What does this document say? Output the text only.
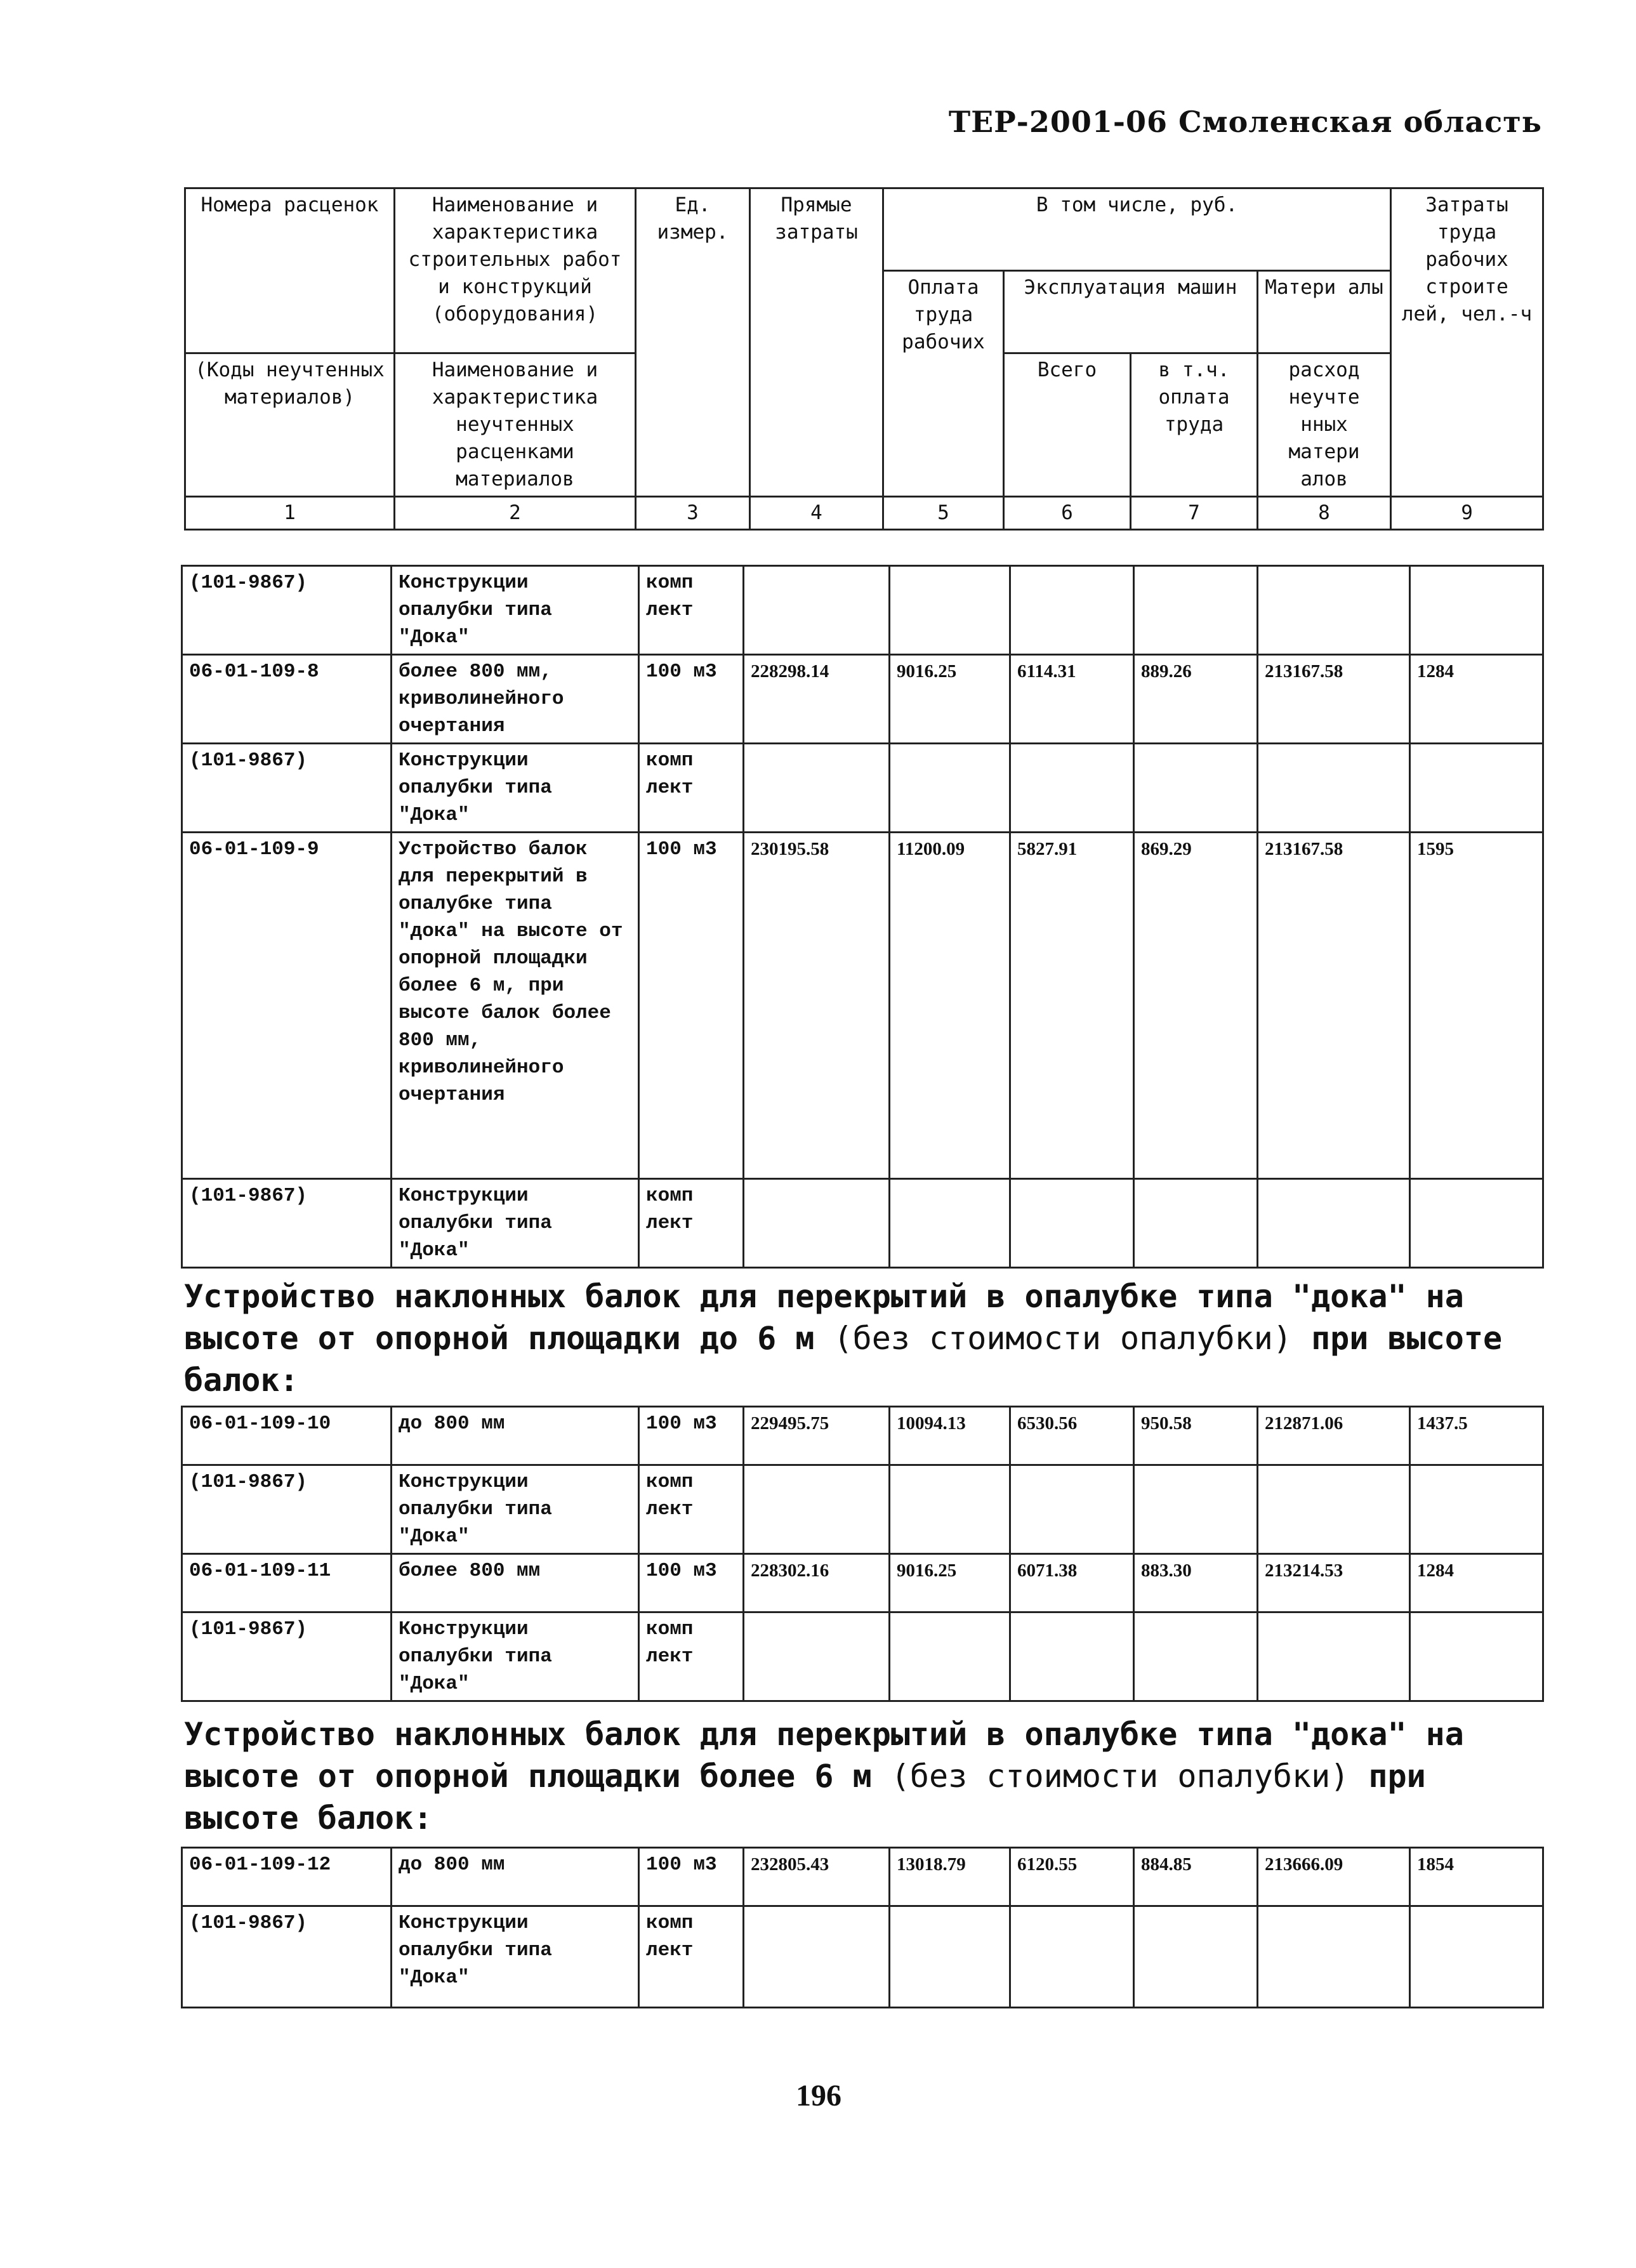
ТЕР-2001-06 Смоленская область
Номера расценок	Наименование и характеристика строительных работ и конструкций (оборудования)	Ед. измер.	Прямые затраты	В том числе, руб.				Затраты труда рабочих строите лей, чел.-ч
				Оплата труда рабочих	Эксплуатация машин		Матери алы	
(Коды неучтенных материалов)	Наименование и характеристика неучтенных расценками материалов				Всего	в т.ч. оплата труда	расход неучте нных матери алов	
1	2	3	4	5	6	7	8	9
(101-9867)	Конструкции опалубки типа "Дока"	комп лект						
06-01-109-8	более 800 мм, криволинейного очертания	100 м3	228298.14	9016.25	6114.31	889.26	213167.58	1284
(101-9867)	Конструкции опалубки типа "Дока"	комп лект						
06-01-109-9	Устройство балок для перекрытий в опалубке типа "дока" на высоте от опорной площадки более 6 м, при высоте балок более 800 мм, криволинейного очертания	100 м3	230195.58	11200.09	5827.91	869.29	213167.58	1595
(101-9867)	Конструкции опалубки типа "Дока"	комп лект						
Устройство наклонных балок для перекрытий в опалубке типа "дока" на высоте от опорной площадки до 6 м (без стоимости опалубки) при высоте балок:
06-01-109-10	до 800 мм	100 м3	229495.75	10094.13	6530.56	950.58	212871.06	1437.5
(101-9867)	Конструкции опалубки типа "Дока"	комп лект						
06-01-109-11	более 800 мм	100 м3	228302.16	9016.25	6071.38	883.30	213214.53	1284
(101-9867)	Конструкции опалубки типа "Дока"	комп лект						
Устройство наклонных балок для перекрытий в опалубке типа "дока" на высоте от опорной площадки более 6 м (без стоимости опалубки) при высоте балок:
06-01-109-12	до 800 мм	100 м3	232805.43	13018.79	6120.55	884.85	213666.09	1854
(101-9867)	Конструкции опалубки типа "Дока"	комп лект						
196
